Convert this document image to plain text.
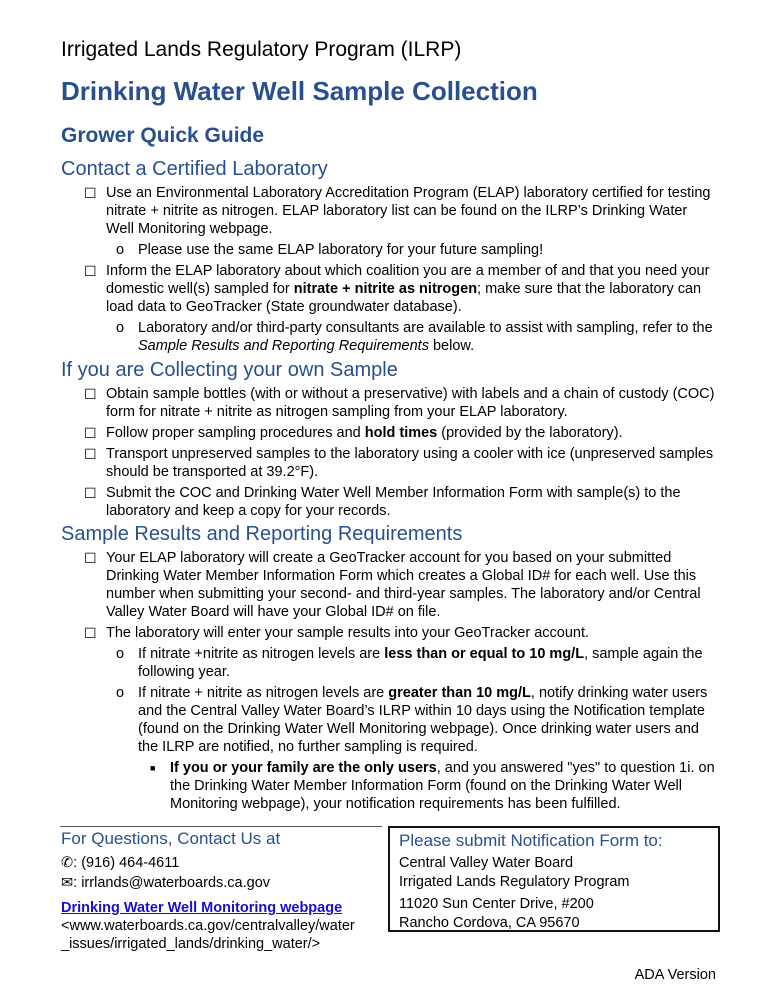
Irrigated Lands Regulatory Program (ILRP)
Drinking Water Well Sample Collection
Grower Quick Guide
Contact a Certified Laboratory
☐ Use an Environmental Laboratory Accreditation Program (ELAP) laboratory certified for testing nitrate + nitrite as nitrogen. ELAP laboratory list can be found on the ILRP’s Drinking Water Well Monitoring webpage.
o Please use the same ELAP laboratory for your future sampling!
☐ Inform the ELAP laboratory about which coalition you are a member of and that you need your domestic well(s) sampled for nitrate + nitrite as nitrogen; make sure that the laboratory can load data to GeoTracker (State groundwater database).
o Laboratory and/or third-party consultants are available to assist with sampling, refer to the Sample Results and Reporting Requirements below.
If you are Collecting your own Sample
☐ Obtain sample bottles (with or without a preservative) with labels and a chain of custody (COC) form for nitrate + nitrite as nitrogen sampling from your ELAP laboratory.
☐ Follow proper sampling procedures and hold times (provided by the laboratory).
☐ Transport unpreserved samples to the laboratory using a cooler with ice (unpreserved samples should be transported at 39.2°F).
☐ Submit the COC and Drinking Water Well Member Information Form with sample(s) to the laboratory and keep a copy for your records.
Sample Results and Reporting Requirements
☐ Your ELAP laboratory will create a GeoTracker account for you based on your submitted Drinking Water Member Information Form which creates a Global ID# for each well. Use this number when submitting your second- and third-year samples. The laboratory and/or Central Valley Water Board will have your Global ID# on file.
☐ The laboratory will enter your sample results into your GeoTracker account.
o If nitrate +nitrite as nitrogen levels are less than or equal to 10 mg/L, sample again the following year.
o If nitrate + nitrite as nitrogen levels are greater than 10 mg/L, notify drinking water users and the Central Valley Water Board’s ILRP within 10 days using the Notification template (found on the Drinking Water Well Monitoring webpage). Once drinking water users and the ILRP are notified, no further sampling is required.
■ If you or your family are the only users, and you answered "yes" to question 1i. on the Drinking Water Member Information Form (found on the Drinking Water Well Monitoring webpage), your notification requirements has been fulfilled.
For Questions, Contact Us at
✆: (916) 464-4611
✉: irrlands@waterboards.ca.gov
Drinking Water Well Monitoring webpage
<www.waterboards.ca.gov/centralvalley/water
_issues/irrigated_lands/drinking_water/>
Please submit Notification Form to:
Central Valley Water Board
Irrigated Lands Regulatory Program
11020 Sun Center Drive, #200
Rancho Cordova, CA 95670
ADA Version
